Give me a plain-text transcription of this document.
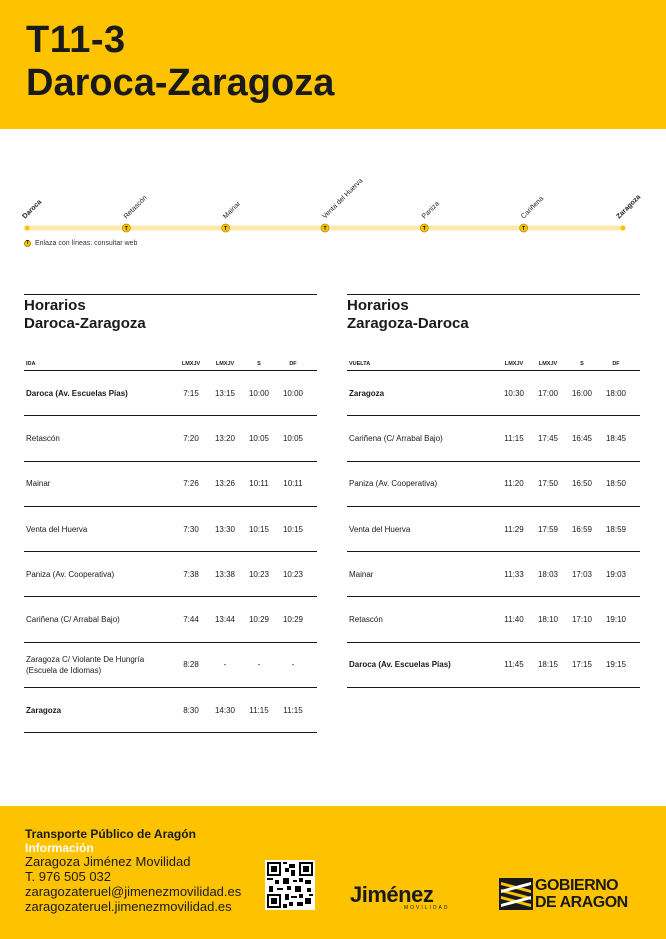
T11-3
Daroca-Zaragoza
Daroca	Retascón
T
Mainar
T
Venta del Huerva
T
Paniza
T
Cariñena
T
Zaragoza
T Enlaza con líneas: consultar web
Horarios
Daroca-Zaragoza
IDA	LMXJV	LMXJV	S	DF
Daroca (Av. Escuelas Pías)	7:15	13:15	10:00	10:00
Retascón	7:20	13:20	10:05	10:05
Mainar	7:26	13:26	10:11	10:11
Venta del Huerva	7:30	13:30	10:15	10:15
Paniza (Av. Cooperativa)	7:38	13:38	10:23	10:23
Cariñena (C/ Arrabal Bajo)	7:44	13:44	10:29	10:29
Zaragoza C/ Violante De Hungría (Escuela de Idiomas)
8:28	-	-	-
Zaragoza	8:30	14:30	11:15	11:15
Horarios
Zaragoza-Daroca
VUELTA	LMXJV	LMXJV	S	DF
Zaragoza	10:30	17:00	16:00	18:00
Cariñena (C/ Arrabal Bajo)	11:15	17:45	16:45	18:45
Paniza (Av. Cooperativa)	11:20	17:50	16:50	18:50
Venta del Huerva	11:29	17:59	16:59	18:59
Mainar	11:33	18:03	17:03	19:03
Retascón	11:40	18:10	17:10	19:10
Daroca (Av. Escuelas Pías)	11:45	18:15	17:15	19:15
Transporte Público de Aragón
Información
Zaragoza Jiménez Movilidad
T. 976 505 032
zaragozateruel@jimenezmovilidad.es
zaragozateruel.jimenezmovilidad.es	Jiménez
MOVILIDAD
GOBIERNO
DE ARAGON
